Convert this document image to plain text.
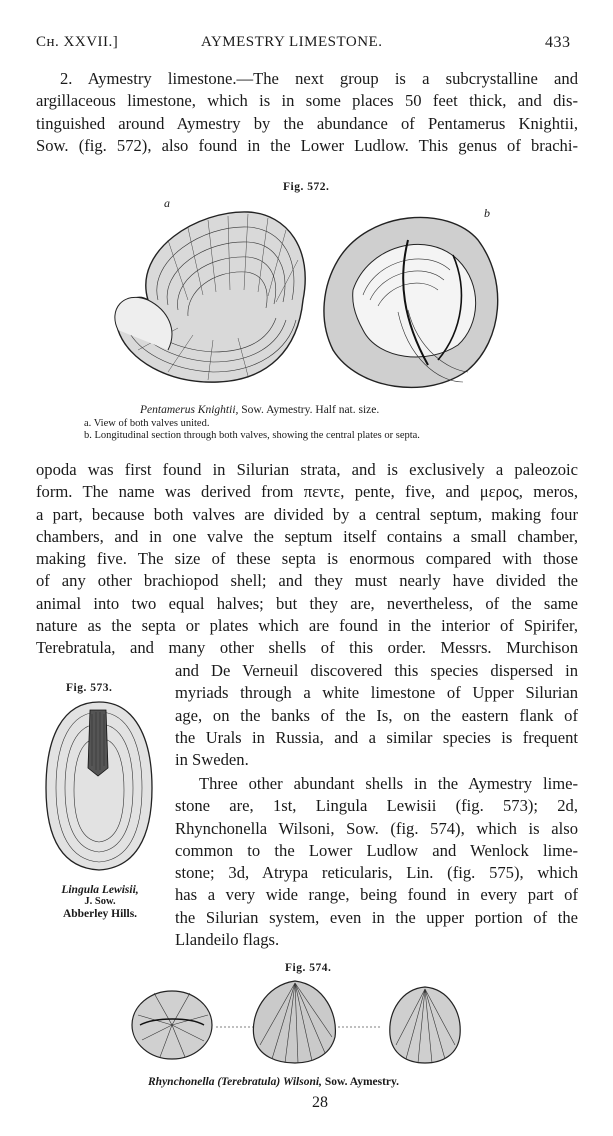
Cʜ. XXVII.]	AYMESTRY LIMESTONE.	433
2. Aymestry limestone.—The next group is a subcrystalline and
argillaceous limestone, which is in some places 50 feet thick, and dis-
tinguished around Aymestry by the abundance of Pentamerus Knightii,
Sow. (fig. 572), also found in the Lower Ludlow. This genus of brachi-
Fig. 572.
a
b
Pentamerus Knightii, Sow. Aymestry. Half nat. size.
a. View of both valves united.
b. Longitudinal section through both valves, showing the central plates or septa.
opoda was first found in Silurian strata, and is exclusively a paleozoic
form. The name was derived from πεντε, pente, five, and μερος, meros,
a part, because both valves are divided by a central septum, making four
chambers, and in one valve the septum itself contains a small chamber,
making five. The size of these septa is enormous compared with those
of any other brachiopod shell; and they must nearly have divided the
animal into two equal halves; but they are, nevertheless, of the same
nature as the septa or plates which are found in the interior of Spirifer,
Terebratula, and many other shells of this order. Messrs. Murchison
and De Verneuil discovered this species dispersed in
myriads through a white limestone of Upper Silurian
age, on the banks of the Is, on the eastern flank of
the Urals in Russia, and a similar species is frequent
in Sweden.
Three other abundant shells in the Aymestry lime-
stone are, 1st, Lingula Lewisii (fig. 573); 2d,
Rhynchonella Wilsoni, Sow. (fig. 574), which is also
common to the Lower Ludlow and Wenlock lime-
stone; 3d, Atrypa reticularis, Lin. (fig. 575), which
has a very wide range, being found in every part of
the Silurian system, even in the upper portion of the
Llandeilo flags.
Fig. 573.
Lingula Lewisii,
J. Sow.
Abberley Hills.
Fig. 574.
Rhynchonella (Terebratula) Wilsoni, Sow. Aymestry.
28
